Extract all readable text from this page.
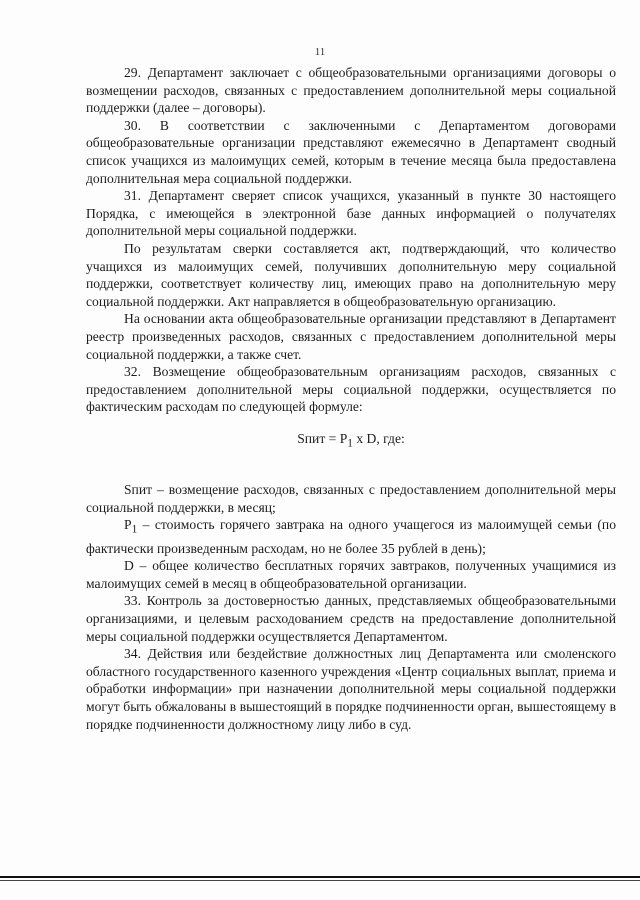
11

29. Департамент заключает с общеобразовательными организациями договоры о возмещении расходов, связанных с предоставлением дополнительной меры социальной поддержки (далее – договоры).

30. В соответствии с заключенными с Департаментом договорами общеобразовательные организации представляют ежемесячно в Департамент сводный список учащихся из малоимущих семей, которым в течение месяца была предоставлена дополнительная мера социальной поддержки.

31. Департамент сверяет список учащихся, указанный в пункте 30 настоящего Порядка, с имеющейся в электронной базе данных информацией о получателях дополнительной меры социальной поддержки.

По результатам сверки составляется акт, подтверждающий, что количество учащихся из малоимущих семей, получивших дополнительную меру социальной поддержки, соответствует количеству лиц, имеющих право на дополнительную меру социальной поддержки. Акт направляется в общеобразовательную организацию.

На основании акта общеобразовательные организации представляют в Департамент реестр произведенных расходов, связанных с предоставлением дополнительной меры социальной поддержки, а также счет.

32. Возмещение общеобразовательным организациям расходов, связанных с предоставлением дополнительной меры социальной поддержки, осуществляется по фактическим расходам по следующей формуле:

Sпит = $P_1$ x D, где:

Sпит – возмещение расходов, связанных с предоставлением дополнительной меры социальной поддержки, в месяц;

$P_1$ – стоимость горячего завтрака на одного учащегося из малоимущей семьи (по фактически произведенным расходам, но не более 35 рублей в день);

D – общее количество бесплатных горячих завтраков, полученных учащимися из малоимущих семей в месяц в общеобразовательной организации.

33. Контроль за достоверностью данных, представляемых общеобразовательными организациями, и целевым расходованием средств на предоставление дополнительной меры социальной поддержки осуществляется Департаментом.

34. Действия или бездействие должностных лиц Департамента или смоленского областного государственного казенного учреждения «Центр социальных выплат, приема и обработки информации» при назначении дополнительной меры социальной поддержки могут быть обжалованы в вышестоящий в порядке подчиненности орган, вышестоящему в порядке подчиненности должностному лицу либо в суд.
